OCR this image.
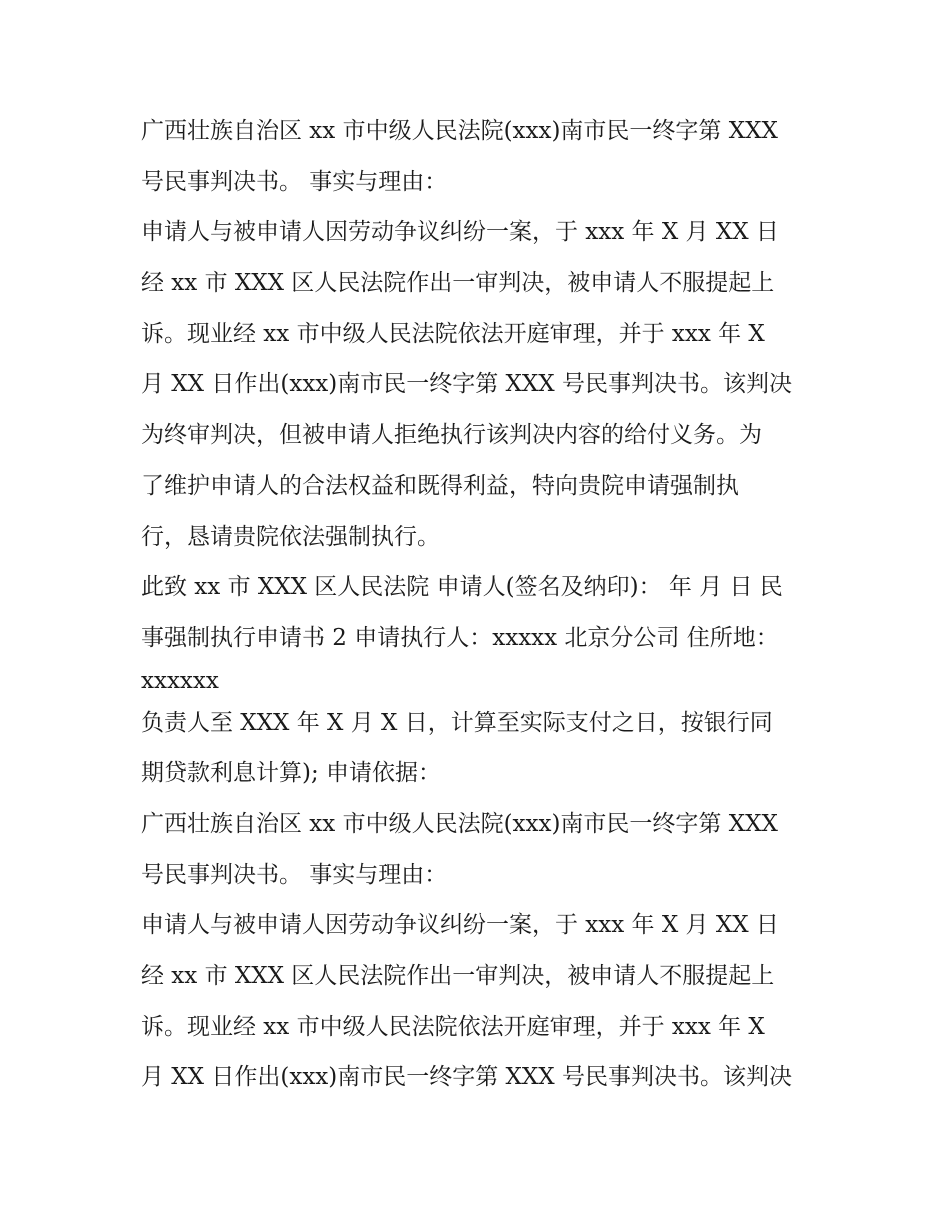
广西壮族自治区 xx 市中级人民法院(xxx)南市民一终字第 XXX
号民事判决书。 事实与理由：
申请人与被申请人因劳动争议纠纷一案，于 xxx 年 X 月 XX 日
经 xx 市 XXX 区人民法院作出一审判决，被申请人不服提起上
诉。现业经 xx 市中级人民法院依法开庭审理，并于 xxx 年 X
月 XX 日作出(xxx)南市民一终字第 XXX 号民事判决书。该判决
为终审判决，但被申请人拒绝执行该判决内容的给付义务。为
了维护申请人的合法权益和既得利益，特向贵院申请强制执
行，恳请贵院依法强制执行。
此致 xx 市 XXX 区人民法院 申请人(签名及纳印)： 年 月 日 民
事强制执行申请书 2 申请执行人：xxxxx 北京分公司 住所地：
xxxxxx
负责人至 XXX 年 X 月 X 日，计算至实际支付之日，按银行同
期贷款利息计算); 申请依据：
广西壮族自治区 xx 市中级人民法院(xxx)南市民一终字第 XXX
号民事判决书。 事实与理由：
申请人与被申请人因劳动争议纠纷一案，于 xxx 年 X 月 XX 日
经 xx 市 XXX 区人民法院作出一审判决，被申请人不服提起上
诉。现业经 xx 市中级人民法院依法开庭审理，并于 xxx 年 X
月 XX 日作出(xxx)南市民一终字第 XXX 号民事判决书。该判决
